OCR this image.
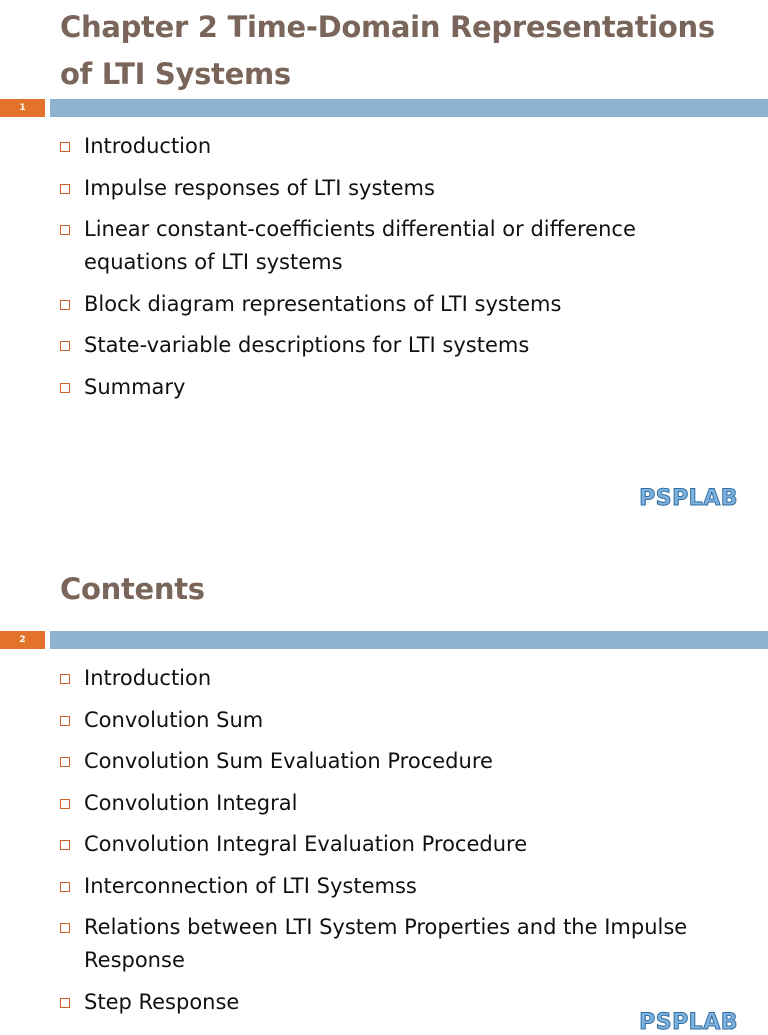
Chapter 2 Time-Domain Representations of LTI Systems
1
Introduction
Impulse responses of LTI systems
Linear constant-coefficients differential or difference equations of LTI systems
Block diagram representations of LTI systems
State-variable descriptions for LTI systems
Summary
PSPLAB
Contents
2
Introduction
Convolution Sum
Convolution Sum Evaluation Procedure
Convolution Integral
Convolution Integral Evaluation Procedure
Interconnection of LTI Systemss
Relations between LTI System Properties and the Impulse Response
Step Response
PSPLAB
